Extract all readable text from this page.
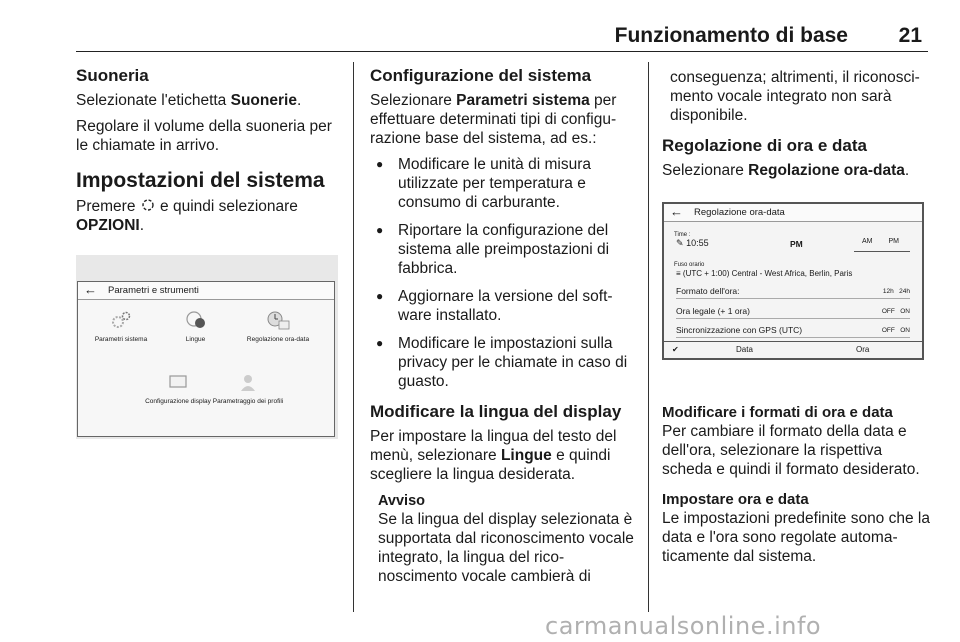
Funzionamento di base 21
Suoneria

Selezionate l'etichetta Suonerie.

Regolare il volume della suoneria per le chiamate in arrivo.

Impostazioni del sistema

Premere  e quindi selezionare OPZIONI.

← Parametri e strumenti
Parametri sistema	Lingue	Regolazione ora-data
Configurazione display Parametraggio dei profili
Configurazione del sistema

Selezionare Parametri sistema per effettuare determinati tipi di configu-razione base del sistema, ad es.:

● Modificare le unità di misura utilizzate per temperatura e consumo di carburante.
● Riportare la configurazione del sistema alle preimpostazioni di fabbrica.
● Aggiornare la versione del soft-ware installato.
● Modificare le impostazioni sulla privacy per le chiamate in caso di guasto.
Modificare la lingua del display

Per impostare la lingua del testo del menù, selezionare Lingue e quindi scegliere la lingua desiderata.

Avviso

Se la lingua del display selezionata è supportata dal riconoscimento vocale integrato, la lingua del rico-noscimento vocale cambierà di

conseguenza; altrimenti, il riconosci-mento vocale integrato non sarà disponibile.

Regolazione di ora e data

Selezionare Regolazione ora-data.

← Regolazione ora-data
Time :
✎ 10:55	PM	AM PM
Fuso orario
≡ (UTC + 1:00) Central - West Africa, Berlin, Paris
Formato dell'ora:	12h 24h
Ora legale (+ 1 ora)	OFF ON
Sincronizzazione con GPS (UTC)	OFF ON
✔	Data	Ora
Modificare i formati di ora e data

Per cambiare il formato della data e dell'ora, selezionare la rispettiva scheda e quindi il formato desiderato.

Impostare ora e data

Le impostazioni predefinite sono che la data e l'ora sono regolate automa-ticamente dal sistema.

carmanualsonline.info
